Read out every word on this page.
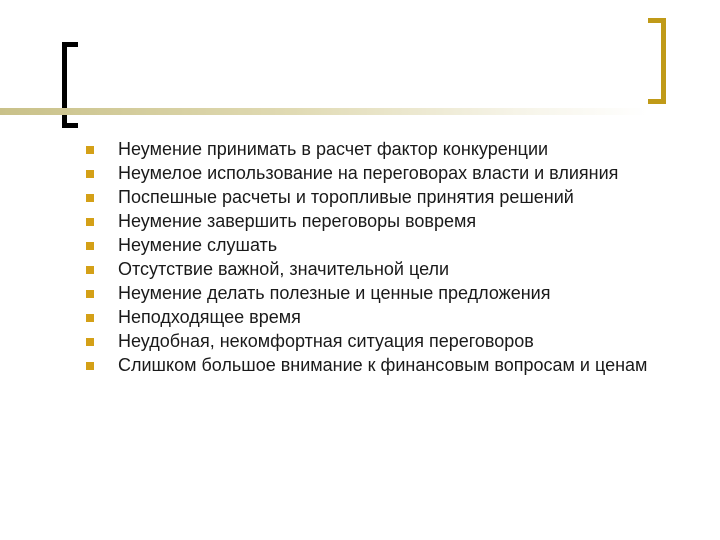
Неумение принимать в расчет фактор конкуренции
Неумелое использование на переговорах власти и влияния
Поспешные расчеты и торопливые принятия решений
Неумение завершить переговоры вовремя
Неумение слушать
Отсутствие важной, значительной цели
Неумение делать полезные и ценные предложения
Неподходящее время
Неудобная, некомфортная ситуация переговоров
Слишком большое внимание к финансовым вопросам и ценам
